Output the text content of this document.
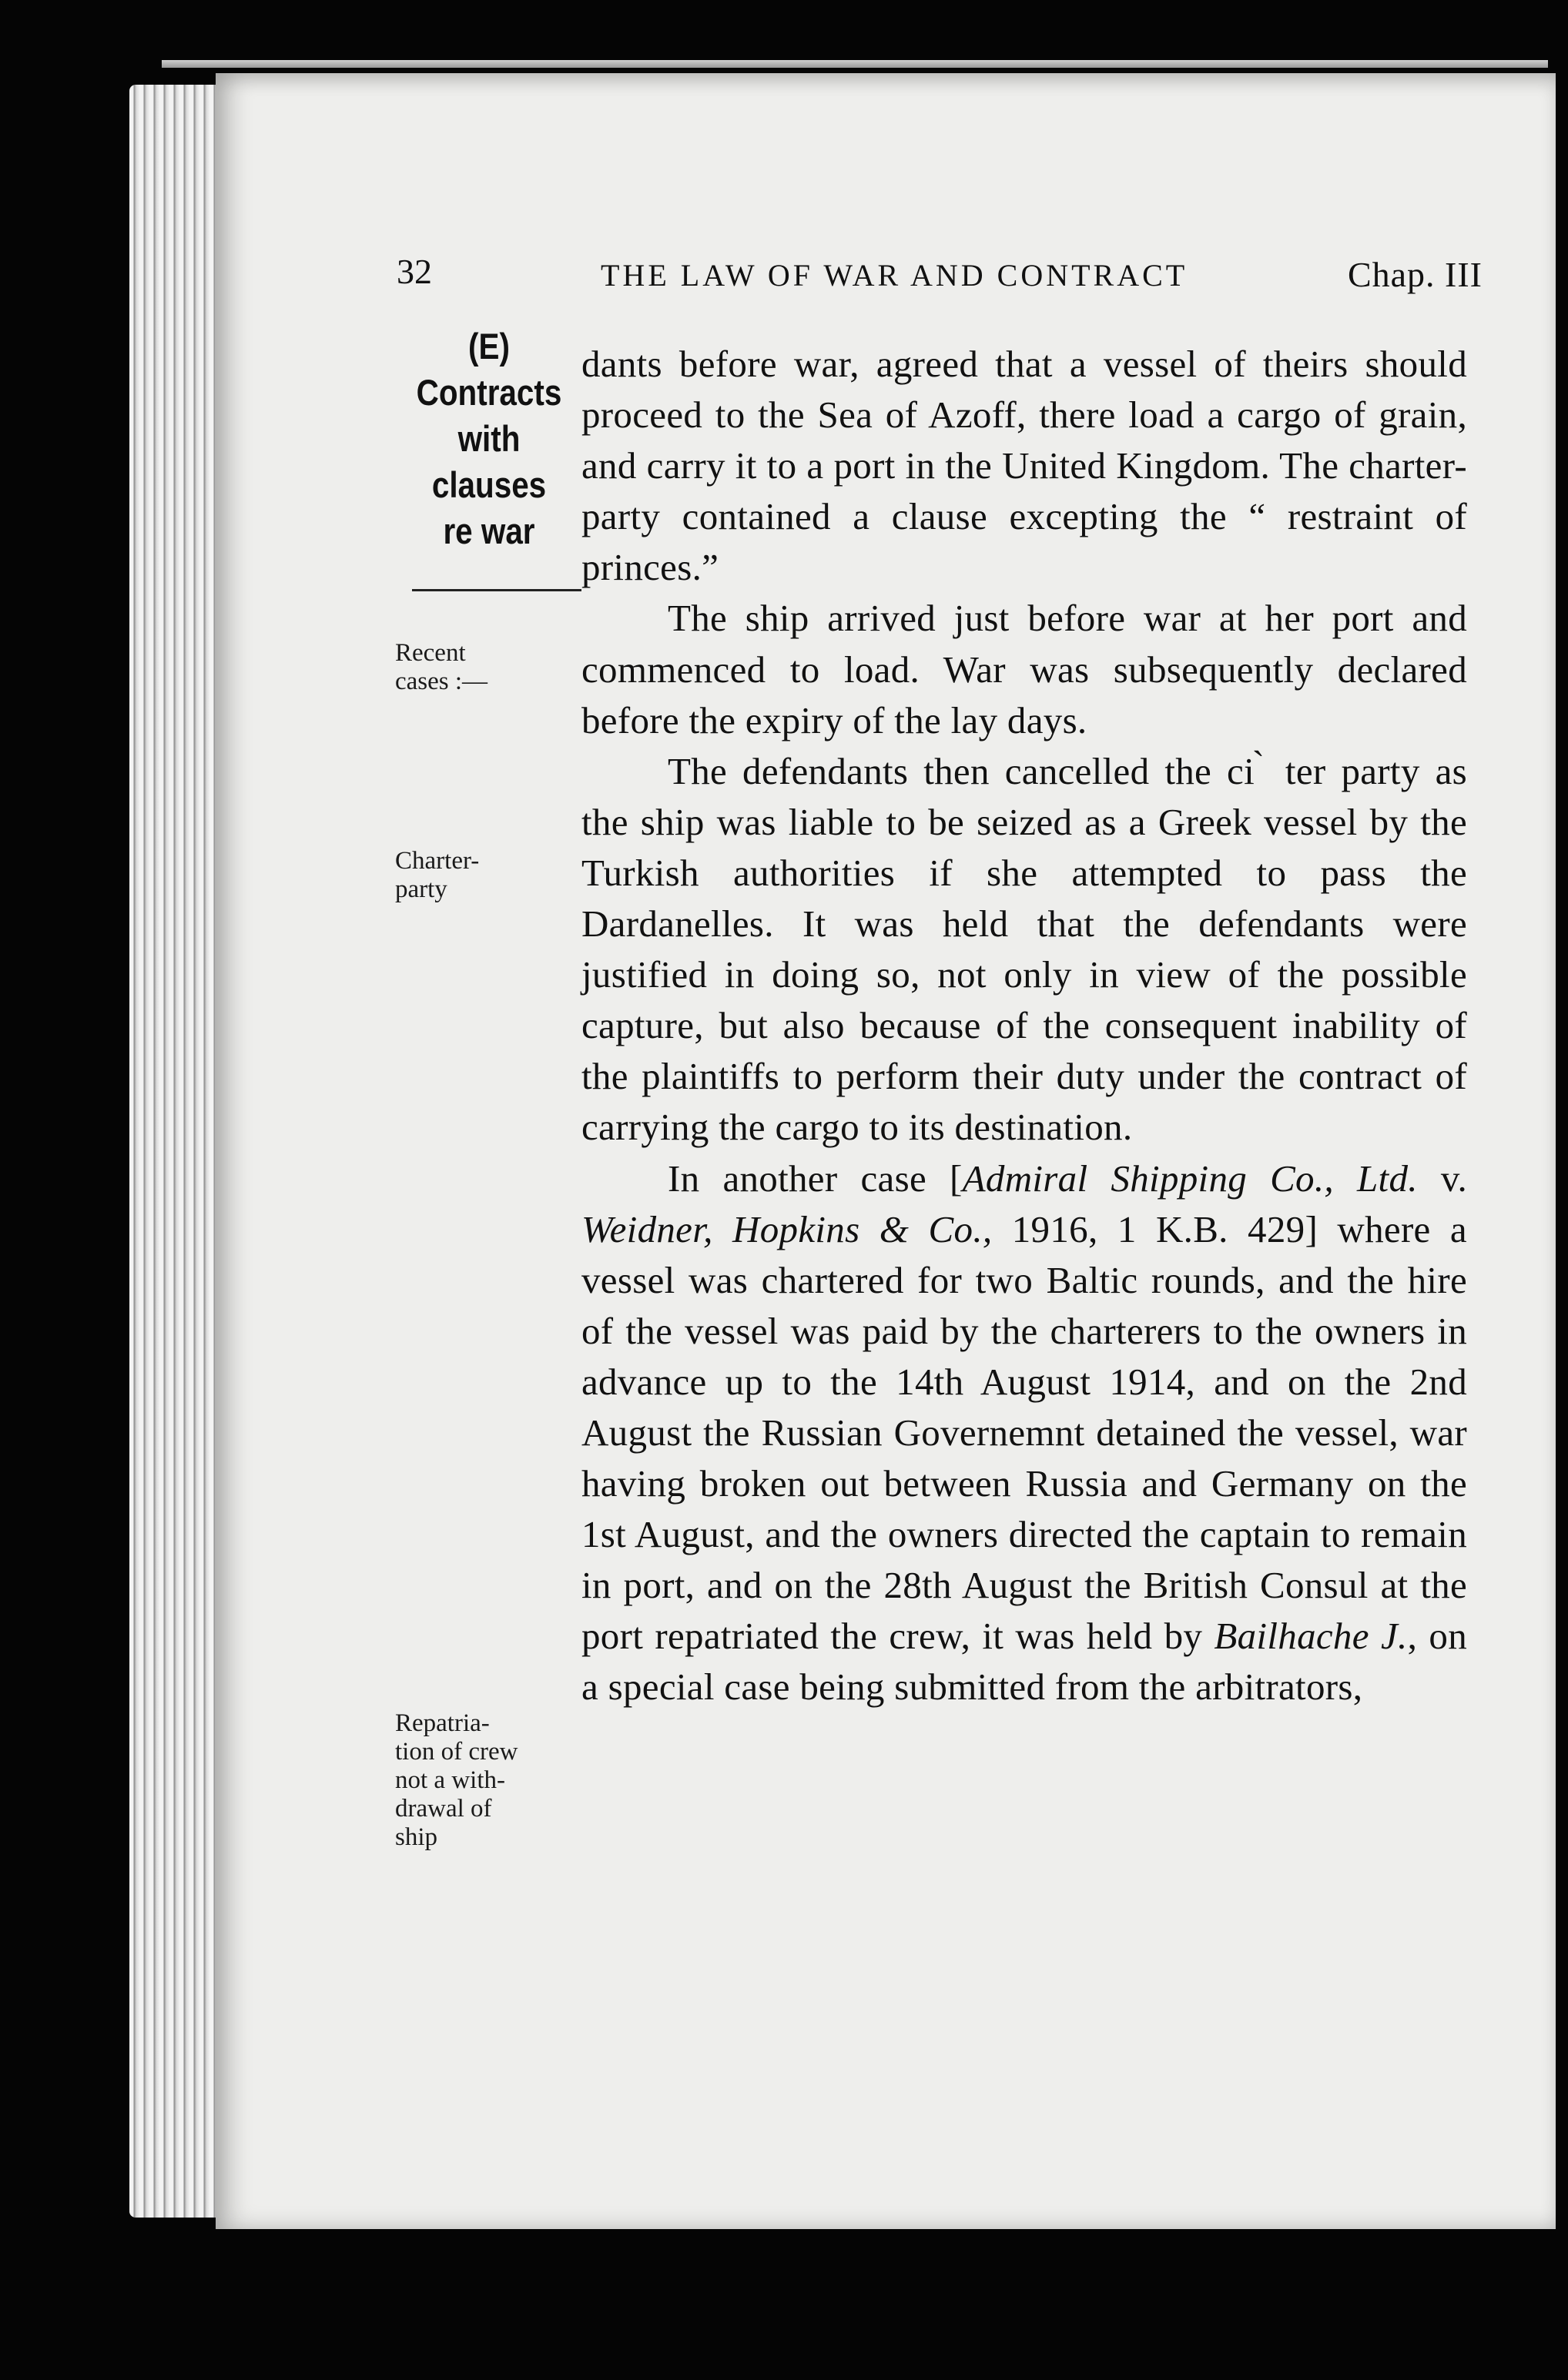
32	THE LAW OF WAR AND CONTRACT	Chap. III
(E)
Contracts
with
clauses
re war
Recent
cases :—
Charter-
party
Repatria-
tion of crew
not a with-
drawal of
ship

dants before war, agreed that a vessel of theirs should proceed to the Sea of Azoff, there load a cargo of grain, and carry it to a port in the United Kingdom. The charter-party contained a clause excepting the “ restraint of princes.”

The ship arrived just before war at her port and commenced to load. War was subsequently declared before the expiry of the lay days.

The defendants then cancelled the ci ̀ ter party as the ship was liable to be seized as a Greek vessel by the Turkish authorities if she attempted to pass the Dardanelles. It was held that the defendants were justified in doing so, not only in view of the possible capture, but also because of the consequent inability of the plaintiffs to perform their duty under the contract of carrying the cargo to its destination.

In another case [Admiral Shipping Co., Ltd. v. Weidner, Hopkins & Co., 1916, 1 K.B. 429] where a vessel was chartered for two Baltic rounds, and the hire of the vessel was paid by the charterers to the owners in advance up to the 14th August 1914, and on the 2nd August the Russian Governemnt detained the vessel, war having broken out between Russia and Germany on the 1st August, and the owners directed the captain to remain in port, and on the 28th August the British Consul at the port repatriated the crew, it was held by Bailhache J., on a special case being submitted from the arbitrators,
